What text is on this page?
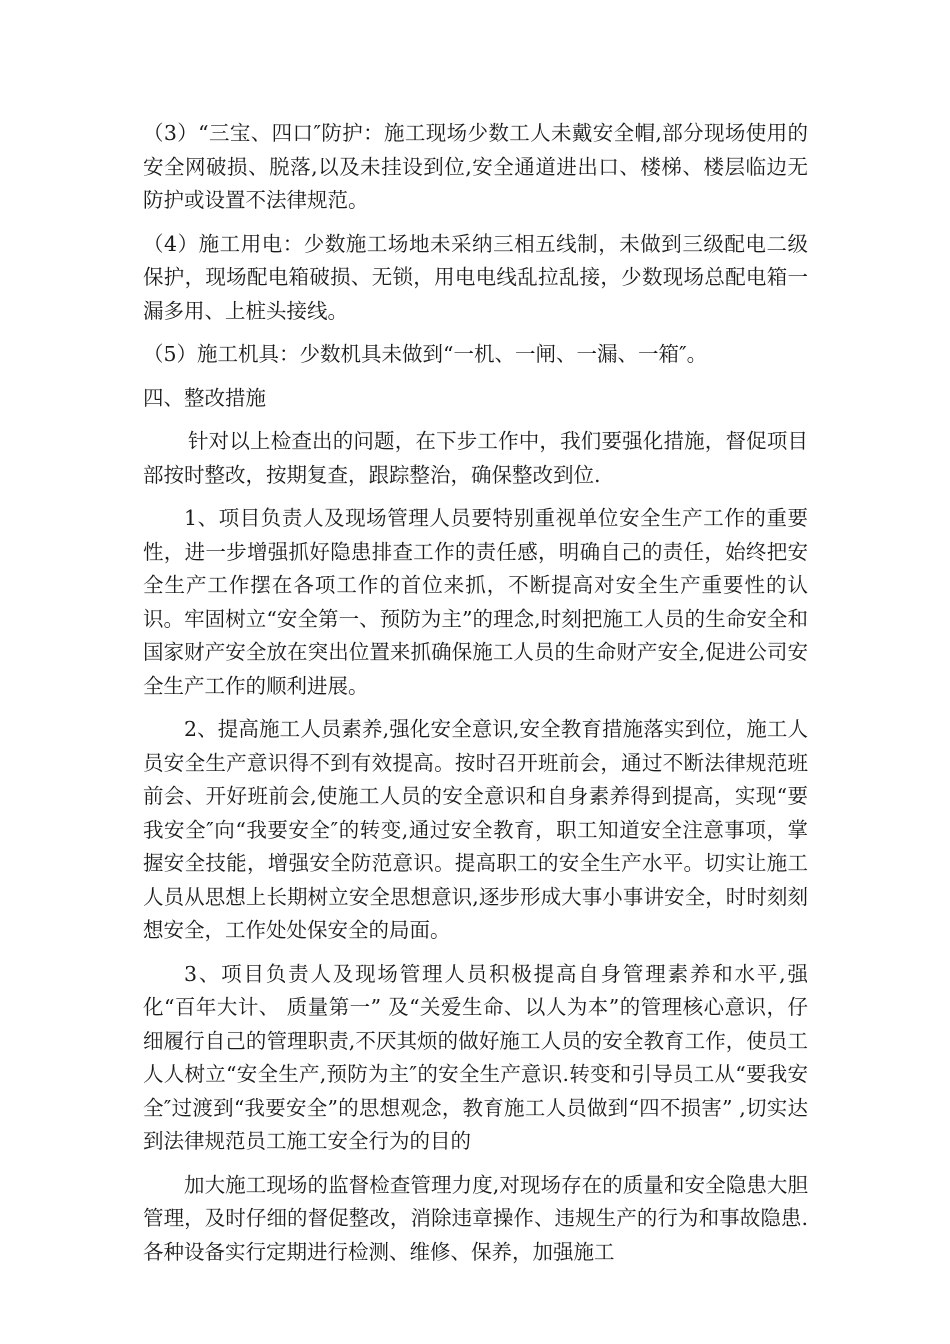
（3）“三宝、四口″防护：施工现场少数工人未戴安全帽,部分现场使用的安全网破损、脱落,以及未挂设到位,安全通道进出口、楼梯、楼层临边无防护或设置不法律规范。

（4）施工用电：少数施工场地未采纳三相五线制，未做到三级配电二级保护，现场配电箱破损、无锁，用电电线乱拉乱接，少数现场总配电箱一漏多用、上桩头接线。

（5）施工机具：少数机具未做到“一机、一闸、一漏、一箱″。

四、整改措施

针对以上检查出的问题，在下步工作中，我们要强化措施，督促项目部按时整改，按期复查，跟踪整治，确保整改到位.

1、项目负责人及现场管理人员要特别重视单位安全生产工作的重要性，进一步增强抓好隐患排查工作的责任感，明确自己的责任，始终把安全生产工作摆在各项工作的首位来抓，不断提高对安全生产重要性的认识。牢固树立“安全第一、预防为主”的理念,时刻把施工人员的生命安全和国家财产安全放在突出位置来抓确保施工人员的生命财产安全,促进公司安全生产工作的顺利进展。

2、提高施工人员素养,强化安全意识,安全教育措施落实到位，施工人员安全生产意识得不到有效提高。按时召开班前会，通过不断法律规范班前会、开好班前会,使施工人员的安全意识和自身素养得到提高，实现“要我安全″向“我要安全″的转变,通过安全教育，职工知道安全注意事项，掌握安全技能，增强安全防范意识。提高职工的安全生产水平。切实让施工人员从思想上长期树立安全思想意识,逐步形成大事小事讲安全，时时刻刻想安全，工作处处保安全的局面。

3、项目负责人及现场管理人员积极提高自身管理素养和水平,强化“百年大计、 质量第一” 及“关爱生命、以人为本”的管理核心意识，仔细履行自己的管理职责,不厌其烦的做好施工人员的安全教育工作，使员工人人树立“安全生产,预防为主″的安全生产意识.转变和引导员工从“要我安全″过渡到“我要安全”的思想观念，教育施工人员做到“四不损害” ,切实达到法律规范员工施工安全行为的目的

加大施工现场的监督检查管理力度,对现场存在的质量和安全隐患大胆管理，及时仔细的督促整改，消除违章操作、违规生产的行为和事故隐患.各种设备实行定期进行检测、维修、保养，加强施工
